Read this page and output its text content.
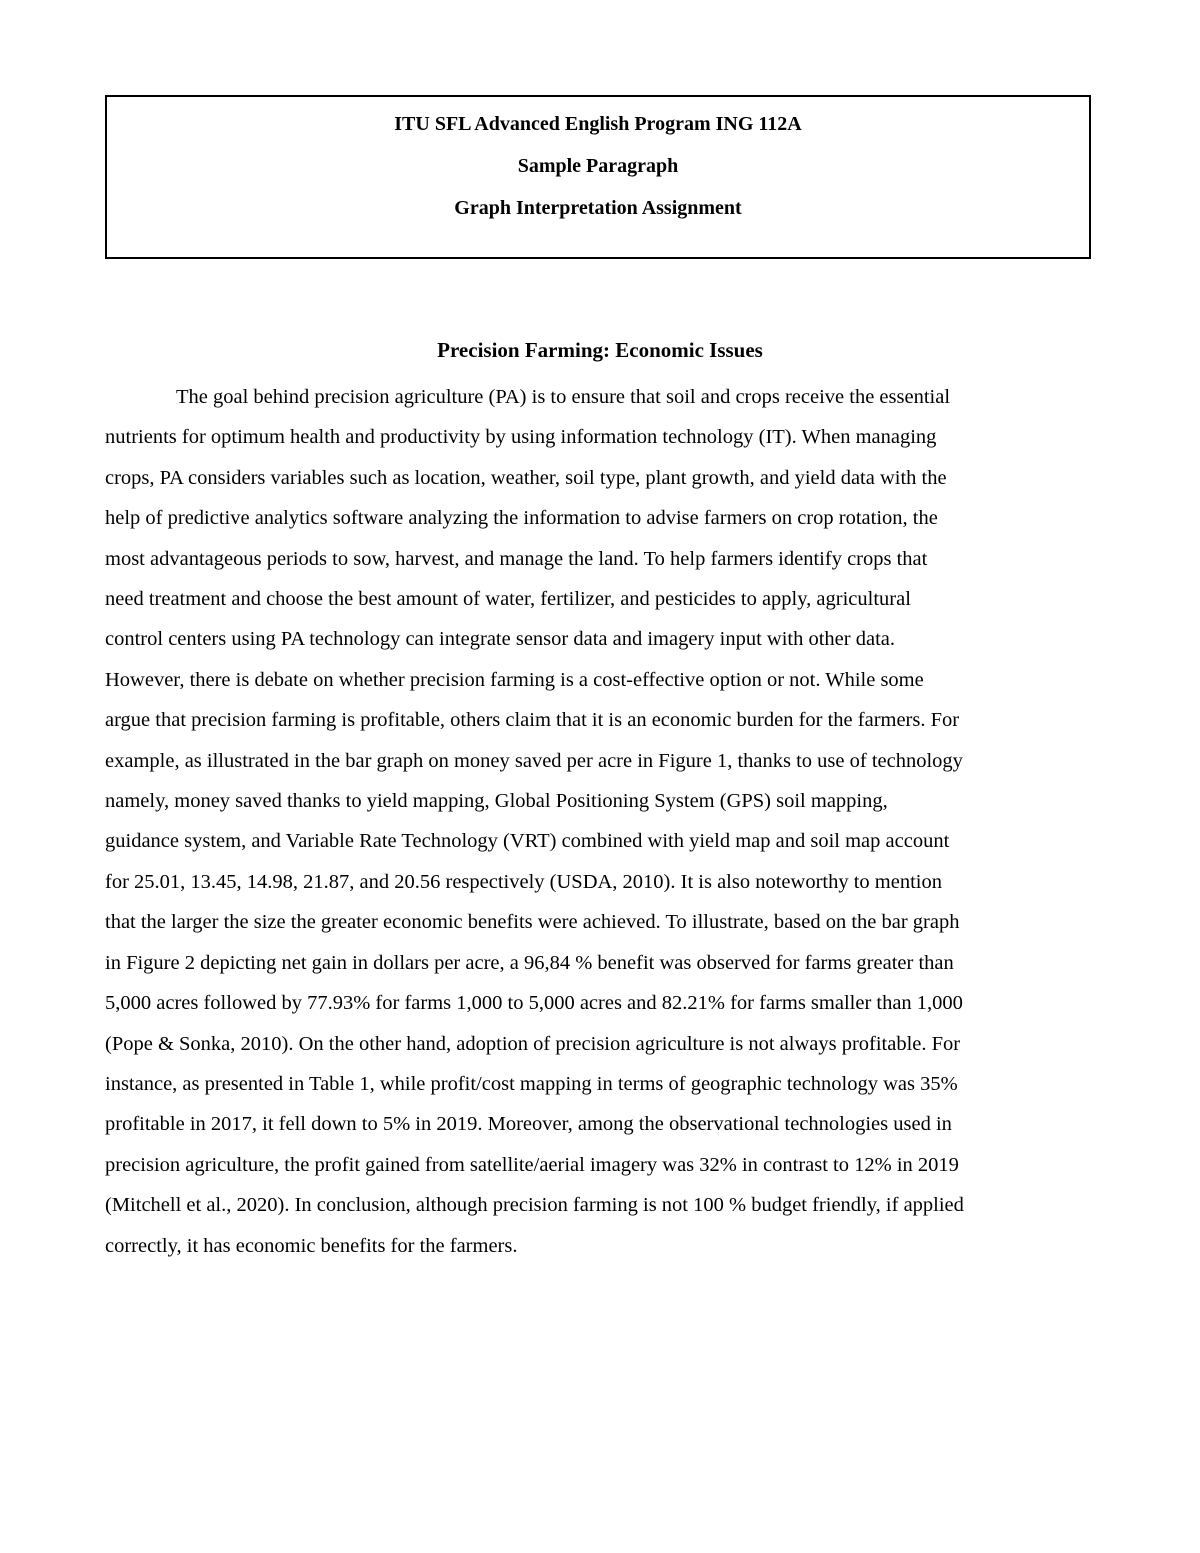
ITU SFL Advanced English Program ING 112A

Sample Paragraph

Graph Interpretation Assignment

Precision Farming: Economic Issues
The goal behind precision agriculture (PA) is to ensure that soil and crops receive the essential
nutrients for optimum health and productivity by using information technology (IT). When managing
crops, PA considers variables such as location, weather, soil type, plant growth, and yield data with the
help of predictive analytics software analyzing the information to advise farmers on crop rotation, the
most advantageous periods to sow, harvest, and manage the land. To help farmers identify crops that
need treatment and choose the best amount of water, fertilizer, and pesticides to apply, agricultural
control centers using PA technology can integrate sensor data and imagery input with other data.
However, there is debate on whether precision farming is a cost-effective option or not. While some
argue that precision farming is profitable, others claim that it is an economic burden for the farmers. For
example, as illustrated in the bar graph on money saved per acre in Figure 1, thanks to use of technology
namely, money saved thanks to yield mapping, Global Positioning System (GPS) soil mapping,
guidance system, and Variable Rate Technology (VRT) combined with yield map and soil map account
for 25.01, 13.45, 14.98, 21.87, and 20.56 respectively (USDA, 2010). It is also noteworthy to mention
that the larger the size the greater economic benefits were achieved. To illustrate, based on the bar graph
in Figure 2 depicting net gain in dollars per acre, a 96,84 % benefit was observed for farms greater than
5,000 acres followed by 77.93% for farms 1,000 to 5,000 acres and 82.21% for farms smaller than 1,000
(Pope & Sonka, 2010). On the other hand, adoption of precision agriculture is not always profitable. For
instance, as presented in Table 1, while profit/cost mapping in terms of geographic technology was 35%
profitable in 2017, it fell down to 5% in 2019. Moreover, among the observational technologies used in
precision agriculture, the profit gained from satellite/aerial imagery was 32% in contrast to 12% in 2019
(Mitchell et al., 2020). In conclusion, although precision farming is not 100 % budget friendly, if applied
correctly, it has economic benefits for the farmers.
